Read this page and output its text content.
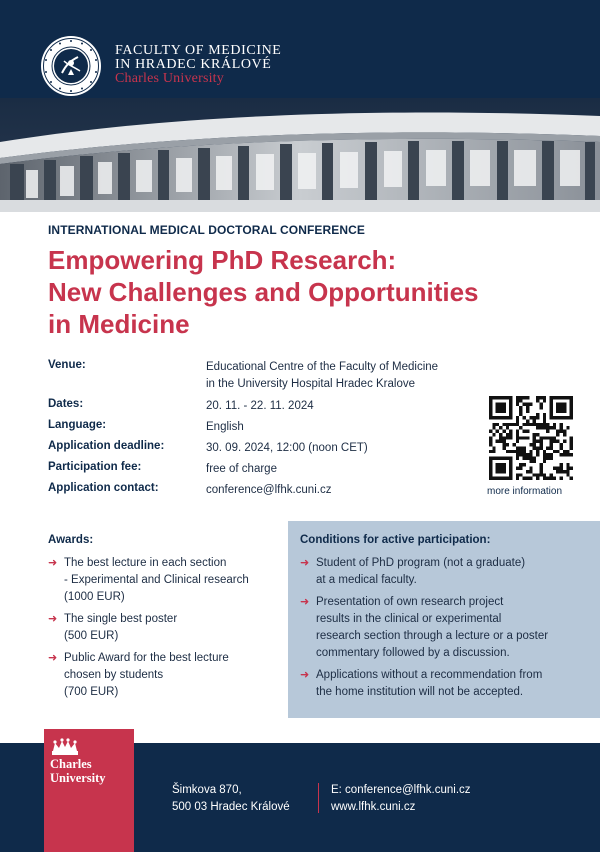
FACULTY OF MEDICINE
IN HRADEC KRÁLOVÉ
Charles University
INTERNATIONAL MEDICAL DOCTORAL CONFERENCE
Empowering PhD Research:
New Challenges and Opportunities
in Medicine
Venue:	Educational Centre of the Faculty of Medicine
in the University Hospital Hradec Kralove
Dates:	20. 11. - 22. 11. 2024
Language:	English
Application deadline:	30. 09. 2024, 12:00 (noon CET)
Participation fee:	free of charge
Application contact:	conference@lfhk.cuni.cz	more information
Awards:
➜ The best lecture in each section
- Experimental and Clinical research
(1000 EUR)
➜ The single best poster
(500 EUR)
➜ Public Award for the best lecture
chosen by students
(700 EUR)
Conditions for active participation:
➜ Student of PhD program (not a graduate)
at a medical faculty.
➜ Presentation of own research project
results in the clinical or experimental
research section through a lecture or a poster
commentary followed by a discussion.
➜ Applications without a recommendation from
the home institution will not be accepted.
Charles
University
Šimkova 870,
500 03 Hradec Králové
E: conference@lfhk.cuni.cz
www.lfhk.cuni.cz
